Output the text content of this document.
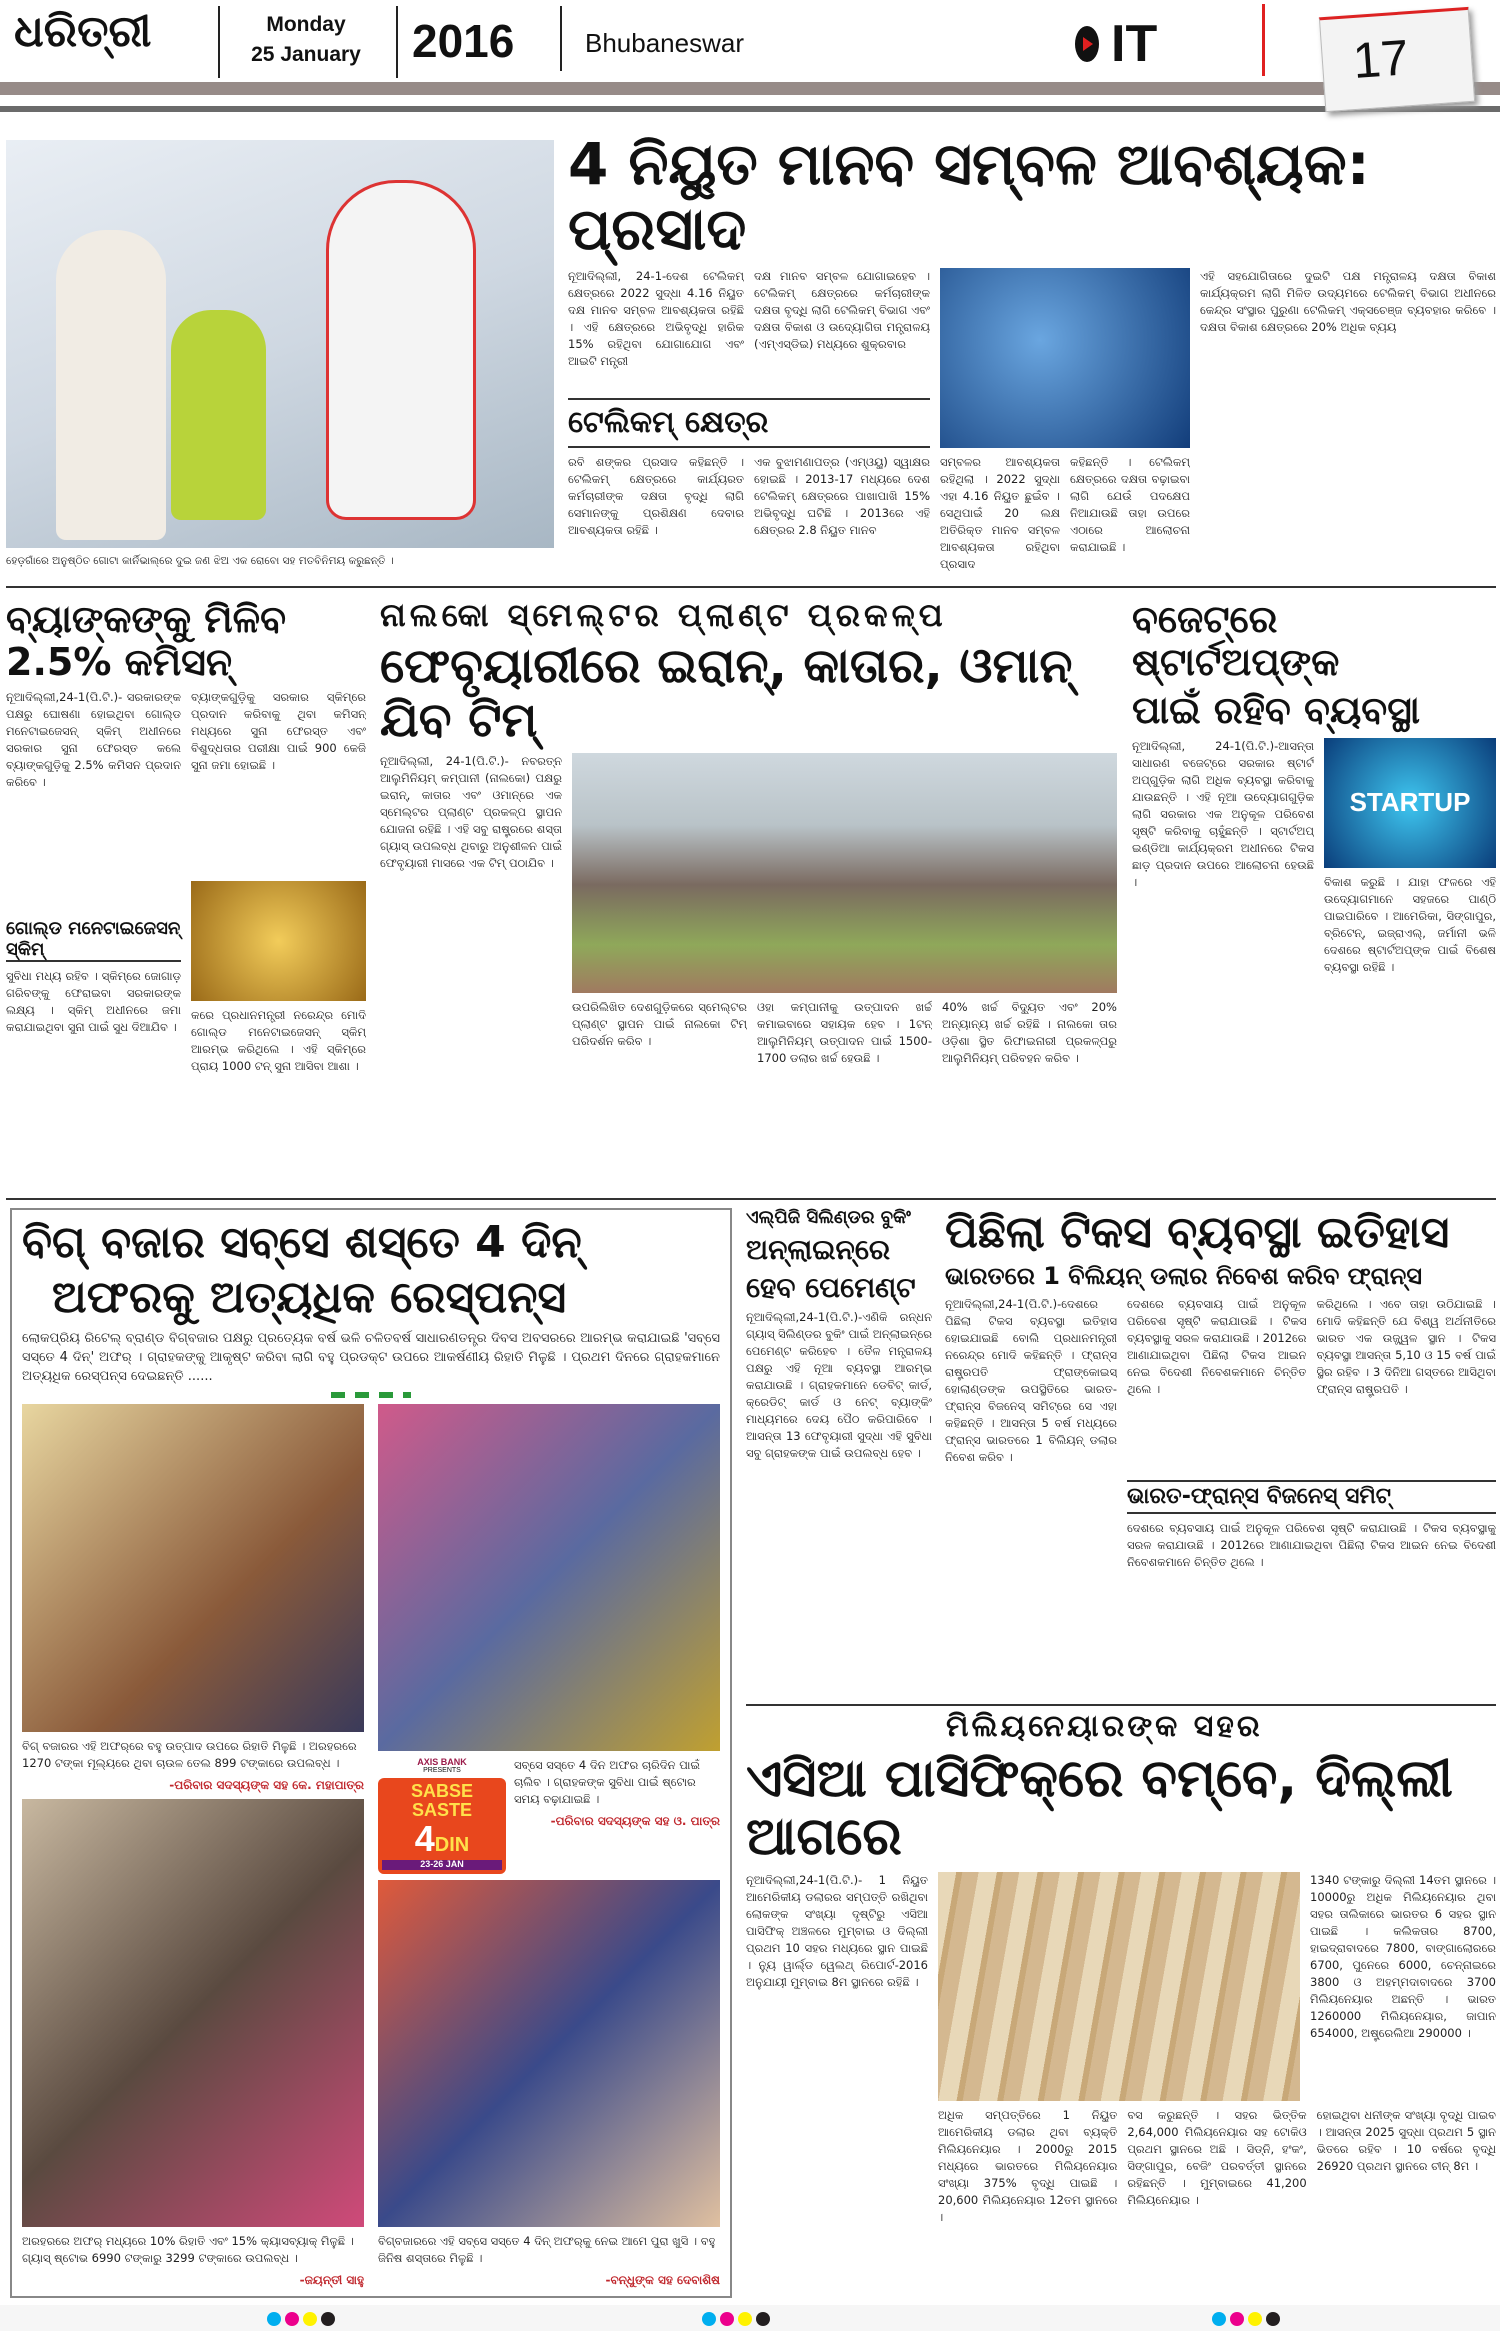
ଧରିତ୍ରୀ	Monday
25 January	2016	Bhubaneswar	IT	17
ହେଡ଼ଗାଁରେ ଅନୁଷ୍ଠିତ ଗୋଟା କାର୍ନିଭାଲ୍‌ରେ ଦୁଇ ଜଣ ଝିଅ ଏକ ରୋବୋ ସହ ମତବିନିମୟ କରୁଛନ୍ତି ।
4 ନିୟୁତ ମାନବ ସମ୍ବଳ ଆବଶ୍ୟକ: ପ୍ରସାଦ
ନୂଆଦିଲ୍ଲୀ, 24-1-ଦେଶ ଟେଲିକମ୍ କ୍ଷେତ୍ରରେ 2022 ସୁଦ୍ଧା 4.16 ନିୟୁତ ଦକ୍ଷ ମାନବ ସମ୍ବଳ ଆବଶ୍ୟକତା ରହିଛି । ଏହି କ୍ଷେତ୍ରରେ ଅଭିବୃଦ୍ଧି ହାରିକ 15% ରହିଥିବା ଯୋଗାଯୋଗ ଏବଂ ଆଇଟି ମନ୍ତ୍ରୀ
ଦକ୍ଷ ମାନବ ସମ୍ବଳ ଯୋଗାଇହେବ । ଟେଲିକମ୍ କ୍ଷେତ୍ରରେ କର୍ମଚାରୀଙ୍କ ଦକ୍ଷତା ବୃଦ୍ଧି ଲାଗି ଟେଲିକମ୍ ବିଭାଗ ଏବଂ ଦକ୍ଷତା ବିକାଶ ଓ ଉଦ୍ୟୋଗିତା ମନ୍ତ୍ରାଳୟ (ଏମ୍‌ଏସ୍‌ଡିଇ) ମଧ୍ୟରେ ଶୁକ୍ରବାର
ଟେଲିକମ୍ କ୍ଷେତ୍ର
ରବି ଶଙ୍କର ପ୍ରସାଦ କହିଛନ୍ତି । ଟେଲିକମ୍ କ୍ଷେତ୍ରରେ କାର୍ଯ୍ୟରତ କର୍ମଚାରୀଙ୍କ ଦକ୍ଷତା ବୃଦ୍ଧି ଲାଗି ସେମାନଙ୍କୁ ପ୍ରଶିକ୍ଷଣ ଦେବାର ଆବଶ୍ୟକତା ରହିଛି ।
ଏକ ବୁଝାମଣାପତ୍ର (ଏମ୍‌ଓୟୁ) ସ୍ୱାକ୍ଷର ହୋଇଛି । 2013-17 ମଧ୍ୟରେ ଦେଶ ଟେଲିକମ୍ କ୍ଷେତ୍ରରେ ପାଖାପାଖି 15% ଅଭିବୃଦ୍ଧି ଘଟିଛି । 2013ରେ ଏହି କ୍ଷେତ୍ରର 2.8 ନିୟୁତ ମାନବ
ସମ୍ବଳର ଆବଶ୍ୟକତା ରହିଥିଲା । 2022 ସୁଦ୍ଧା ଏହା 4.16 ନିୟୁତ ଛୁଇଁବ । ସେଥିପାଇଁ 20 ଲକ୍ଷ ଅତିରିକ୍ତ ମାନବ ସମ୍ବଳ ଆବଶ୍ୟକତା ରହିଥିବା ପ୍ରସାଦ
କହିଛନ୍ତି । ଟେଲିକମ୍ କ୍ଷେତ୍ରରେ ଦକ୍ଷତା ବଢ଼ାଇବା ଲାଗି ଯେଉଁ ପଦକ୍ଷେପ ନିଆଯାଉଛି ତାହା ଉପରେ ଏଠାରେ ଆଲୋଚନା କରାଯାଇଛି ।
ଏହି ସହଯୋଗିତାରେ ଦୁଇଟି ପକ୍ଷ ମନ୍ତ୍ରାଳୟ ଦକ୍ଷତା ବିକାଶ କାର୍ଯ୍ୟକ୍ରମ ଲାଗି ମିଳିତ ଉଦ୍ୟମରେ ଟେଲିକମ୍ ବିଭାଗ ଅଧୀନରେ କେନ୍ଦ୍ର ସଂସ୍ଥାର ପୁରୁଣା ଟେଲିକମ୍ ଏକ୍ସଚେଞ୍ଜ ବ୍ୟବହାର କରିବେ । ଦକ୍ଷତା ବିକାଶ କ୍ଷେତ୍ରରେ 20% ଅଧିକ ବ୍ୟୟ
ବ୍ୟାଙ୍କଙ୍କୁ ମିଳିବ 2.5% କମିସନ୍
ନୂଆଦିଲ୍ଲୀ,24-1(ପି.ଟି.)- ସରକାରଙ୍କ ପକ୍ଷରୁ ଘୋଷଣା ହୋଇଥିବା ଗୋଲ୍ଡ ମନେଟାଇଜେସନ୍ ସ୍କିମ୍ ଅଧୀନରେ ସରକାର ସୁନା ଫେରସ୍ତ କଲେ ବ୍ୟାଙ୍କଗୁଡ଼ିକୁ 2.5% କମିସନ ପ୍ରଦାନ କରିବେ ।
ଗୋଲ୍ଡ ମନେଟାଇଜେସନ୍ ସ୍କିମ୍
ସୁବିଧା ମଧ୍ୟ ରହିବ । ସ୍କିମ୍‌ରେ ଜୋଗାଡ଼ ଗରିବଙ୍କୁ ଫେରାଇବା ସରକାରଙ୍କ ଲକ୍ଷ୍ୟ । ସ୍କିମ୍ ଅଧୀନରେ ଜମା କରାଯାଇଥିବା ସୁନା ପାଇଁ ସୁଧ ଦିଆଯିବ ।
ବ୍ୟାଙ୍କଗୁଡ଼ିକୁ ସରକାର ସ୍କିମ୍‌ରେ ପ୍ରଦାନ କରିବାକୁ ଥିବା କମିସନ୍ ମଧ୍ୟରେ ସୁନା ଫେରସ୍ତ ଏବଂ ବିଶୁଦ୍ଧତାର ପରୀକ୍ଷା ପାଇଁ 900 କେଜି ସୁନା ଜମା ହୋଇଛି ।
କରେ ପ୍ରଧାନମନ୍ତ୍ରୀ ନରେନ୍ଦ୍ର ମୋଦି ଗୋଲ୍ଡ ମନେଟାଇଜେସନ୍ ସ୍କିମ୍ ଆରମ୍ଭ କରିଥିଲେ । ଏହି ସ୍କିମ୍‌ରେ ପ୍ରାୟ 1000 ଟନ୍ ସୁନା ଆସିବା ଆଶା ।
ନାଲକୋ ସ୍ମେଲ୍ଟର ପ୍ଲାଣ୍ଟ ପ୍ରକଳ୍ପ
ଫେବୃୟାରୀରେ ଇରାନ୍, କାତାର, ଓମାନ୍ ଯିବ ଟିମ୍
ନୂଆଦିଲ୍ଲୀ, 24-1(ପି.ଟି.)- ନବରତ୍ନ ଆଲୁମିନିୟମ୍ କମ୍ପାନୀ (ନାଲକୋ) ପକ୍ଷରୁ ଇରାନ୍, କାତାର ଏବଂ ଓମାନ୍‌ରେ ଏକ ସ୍ମେଲ୍ଟର ପ୍ଲାଣ୍ଟ ପ୍ରକଳ୍ପ ସ୍ଥାପନ ଯୋଜନା ରହିଛି । ଏହି ସବୁ ରାଷ୍ଟ୍ରରେ ଶସ୍ତା ଗ୍ୟାସ୍ ଉପଲବ୍ଧ ଥିବାରୁ ଅନୁଶୀଳନ ପାଇଁ ଫେବୃୟାରୀ ମାସରେ ଏକ ଟିମ୍ ପଠାଯିବ ।
ଉପରିଲିଖିତ ଦେଶଗୁଡ଼ିକରେ ସ୍ମେଲ୍ଟର ପ୍ଲାଣ୍ଟ ସ୍ଥାପନ ପାଇଁ ନାଲକୋ ଟିମ୍ ପରିଦର୍ଶନ କରିବ ।
ଓହା କମ୍ପାନୀକୁ ଉତ୍ପାଦନ ଖର୍ଚ୍ଚ କମାଇବାରେ ସହାୟକ ହେବ । 1ଟନ୍ ଆଲୁମିନିୟମ୍ ଉତ୍ପାଦନ ପାଇଁ 1500-1700 ଡଲାର ଖର୍ଚ୍ଚ ହେଉଛି ।
40% ଖର୍ଚ୍ଚ ବିଦ୍ୟୁତ ଏବଂ 20% ଅନ୍ୟାନ୍ୟ ଖର୍ଚ୍ଚ ରହିଛି । ନାଲକୋ ତାର ଓଡ଼ିଶା ସ୍ଥିତ ରିଫାଇନାରୀ ପ୍ରକଳ୍ପରୁ ଆଲୁମିନିୟମ୍ ପରିବହନ କରିବ ।
ବଜେଟ୍‌ରେ ଷ୍ଟାର୍ଟଅପ୍‌ଙ୍କ
ପାଇଁ ରହିବ ବ୍ୟବସ୍ଥା
ନୂଆଦିଲ୍ଲୀ, 24-1(ପି.ଟି.)-ଆସନ୍ତା ସାଧାରଣ ବଜେଟ୍‌ରେ ସରକାର ଷ୍ଟାର୍ଟ ଅପ୍‌ଗୁଡ଼ିକ ଲାଗି ଅଧିକ ବ୍ୟବସ୍ଥା କରିବାକୁ ଯାଉଛନ୍ତି । ଏହି ନୂଆ ଉଦ୍ୟୋଗଗୁଡ଼ିକ ଲାଗି ସରକାର ଏକ ଅନୁକୂଳ ପରିବେଶ ସୃଷ୍ଟି କରିବାକୁ ଚାହୁଁଛନ୍ତି । ସ୍ଟାର୍ଟଅପ୍ ଇଣ୍ଡିଆ କାର୍ଯ୍ୟକ୍ରମ ଅଧୀନରେ ଟିକସ ଛାଡ଼ ପ୍ରଦାନ ଉପରେ ଆଲୋଚନା ହେଉଛି ।
STARTUP
ବିକାଶ କରୁଛି । ଯାହା ଫଳରେ ଏହି ଉଦ୍ୟୋଗମାନେ ସହଜରେ ପାଣ୍ଠି ପାଇପାରିବେ । ଆମେରିକା, ସିଙ୍ଗାପୁର, ବ୍ରିଟେନ୍, ଇଜ୍ରାଏଲ୍, ଜର୍ମାନୀ ଭଳି ଦେଶରେ ଷ୍ଟାର୍ଟଅପ୍‌ଙ୍କ ପାଇଁ ବିଶେଷ ବ୍ୟବସ୍ଥା ରହିଛି ।
ବିଗ୍ ବଜାର ସବ୍‌ସେ ଶସ୍ତେ 4 ଦିନ୍
ଅଫରକୁ ଅତ୍ୟଧିକ ରେସ୍‌ପନ୍ସ
ଲୋକପ୍ରିୟ ରିଟେଲ୍ ବ୍ରାଣ୍ଡ ବିଗ୍‌ବଜାର ପକ୍ଷରୁ ପ୍ରତ୍ୟେକ ବର୍ଷ ଭଳି ଚଳିତବର୍ଷ ସାଧାରଣତନ୍ତ୍ର ଦିବସ ଅବସରରେ ଆରମ୍ଭ କରାଯାଇଛି 'ସବ୍‌ସେ ସସ୍ତେ 4 ଦିନ୍' ଅଫର୍ । ଗ୍ରାହକଙ୍କୁ ଆକୃଷ୍ଟ କରିବା ଲାଗି ବହୁ ପ୍ରଡକ୍ଟ ଉପରେ ଆକର୍ଷଣୀୟ ରିହାତି ମିଳୁଛି । ପ୍ରଥମ ଦିନରେ ଗ୍ରାହକମାନେ ଅତ୍ୟଧିକ ରେସ୍‌ପନ୍ସ ଦେଇଛନ୍ତି ......
ବିଗ୍ ବଜାରର ଏହି ଅଫର୍‌ରେ ବହୁ ଉତ୍ପାଦ ଉପରେ ରିହାତି ମିଳୁଛି । ଅରହରରେ 1270 ଟଙ୍କା ମୂଲ୍ୟରେ ଥିବା ଚାଉଳ ତେଲ 899 ଟଙ୍କାରେ ଉପଲବ୍ଧ ।
-ପରିବାର ସଦସ୍ୟଙ୍କ ସହ କେ. ମହାପାତ୍ର
ଅରହରରେ ଅଫର୍ ମଧ୍ୟରେ 10% ରିହାତି ଏବଂ 15% କ୍ୟାସବ୍ୟାକ୍ ମିଳୁଛି । ଗ୍ୟାସ୍ ଷ୍ଟୋଭ 6990 ଟଙ୍କାରୁ 3299 ଟଙ୍କାରେ ଉପଲବ୍ଧ ।
-ଜୟନ୍ତୀ ସାହୁ
AXIS BANK
PRESENTS
SABSE
SASTE
4DIN
23-26 JAN
ସବ୍‌ସେ ସସ୍ତେ 4 ଦିନ ଅଫର ଚାରିଦିନ ପାଇଁ ଚାଲିବ । ଗ୍ରାହକଙ୍କ ସୁବିଧା ପାଇଁ ଷ୍ଟୋର ସମୟ ବଢ଼ାଯାଇଛି ।
-ପରିବାର ସଦସ୍ୟଙ୍କ ସହ ଓ. ପାତ୍ର
ବିଗ୍‌ବଜାରରେ ଏହି ସବ୍‌ସେ ସସ୍ତେ 4 ଦିନ୍ ଅଫର୍‌କୁ ନେଇ ଆମେ ପୁରା ଖୁସି । ବହୁ ଜିନିଷ ଶସ୍ତାରେ ମିଳୁଛି ।
-ବନ୍ଧୁଙ୍କ ସହ ଦେବାଶିଷ
ଏଲ୍‌ପିଜି ସିଲିଣ୍ଡର ବୁକିଂ
ଅନ୍‌ଲାଇନ୍‌ରେ
ହେବ ପେମେଣ୍ଟ
ନୂଆଦିଲ୍ଲୀ,24-1(ପି.ଟି.)-ଏଣିକି ରନ୍ଧନ ଗ୍ୟାସ୍ ସିଲିଣ୍ଡର ବୁକିଂ ପାଇଁ ଅନ୍‌ଲାଇନ୍‌ରେ ପେମେଣ୍ଟ କରିହେବ । ତୈଳ ମନ୍ତ୍ରାଳୟ ପକ୍ଷରୁ ଏହି ନୂଆ ବ୍ୟବସ୍ଥା ଆରମ୍ଭ କରାଯାଉଛି । ଗ୍ରାହକମାନେ ଡେବିଟ୍ କାର୍ଡ, କ୍ରେଡିଟ୍ କାର୍ଡ ଓ ନେଟ୍ ବ୍ୟାଙ୍କିଂ ମାଧ୍ୟମରେ ଦେୟ ପୈଠ କରିପାରିବେ । ଆସନ୍ତା 13 ଫେବୃୟାରୀ ସୁଦ୍ଧା ଏହି ସୁବିଧା ସବୁ ଗ୍ରାହକଙ୍କ ପାଇଁ ଉପଲବ୍ଧ ହେବ ।
ପିଛିଲା ଟିକସ ବ୍ୟବସ୍ଥା ଇତିହାସ
ଭାରତରେ 1 ବିଲିୟନ୍ ଡଲାର ନିବେଶ କରିବ ଫ୍ରାନ୍ସ
ନୂଆଦିଲ୍ଲୀ,24-1(ପି.ଟି.)-ଦେଶରେ ପିଛିଲା ଟିକସ ବ୍ୟବସ୍ଥା ଇତିହାସ ହୋଇଯାଇଛି ବୋଲି ପ୍ରଧାନମନ୍ତ୍ରୀ ନରେନ୍ଦ୍ର ମୋଦି କହିଛନ୍ତି । ଫ୍ରାନ୍ସ ରାଷ୍ଟ୍ରପତି ଫ୍ରାଙ୍କୋଇସ୍ ହୋଲାଣ୍ଡଙ୍କ ଉପସ୍ଥିତିରେ ଭାରତ-ଫ୍ରାନ୍ସ ବିଜନେସ୍ ସମିଟ୍‌ରେ ସେ ଏହା କହିଛନ୍ତି । ଆସନ୍ତା 5 ବର୍ଷ ମଧ୍ୟରେ ଫ୍ରାନ୍ସ ଭାରତରେ 1 ବିଲିୟନ୍ ଡଲାର ନିବେଶ କରିବ ।
ଦେଶରେ ବ୍ୟବସାୟ ପାଇଁ ଅନୁକୂଳ ପରିବେଶ ସୃଷ୍ଟି କରାଯାଉଛି । ଟିକସ ବ୍ୟବସ୍ଥାକୁ ସରଳ କରାଯାଉଛି । 2012ରେ ଆଣାଯାଇଥିବା ପିଛିଲା ଟିକସ ଆଇନ ନେଇ ବିଦେଶୀ ନିବେଶକମାନେ ଚିନ୍ତିତ ଥିଲେ ।
କରିଥିଲେ । ଏବେ ତାହା ଉଠିଯାଇଛି । ମୋଦି କହିଛନ୍ତି ଯେ ବିଶ୍ୱ ଅର୍ଥନୀତିରେ ଭାରତ ଏକ ଉଜ୍ଜ୍ୱଳ ସ୍ଥାନ । ଟିକସ ବ୍ୟବସ୍ଥା ଆସନ୍ତା 5,10 ଓ 15 ବର୍ଷ ପାଇଁ ସ୍ଥିର ରହିବ । 3 ଦିନିଆ ଗସ୍ତରେ ଆସିଥିବା ଫ୍ରାନ୍ସ ରାଷ୍ଟ୍ରପତି ।
ଭାରତ-ଫ୍ରାନ୍ସ ବିଜନେସ୍ ସମିଟ୍
ଦେଶରେ ବ୍ୟବସାୟ ପାଇଁ ଅନୁକୂଳ ପରିବେଶ ସୃଷ୍ଟି କରାଯାଉଛି । ଟିକସ ବ୍ୟବସ୍ଥାକୁ ସରଳ କରାଯାଉଛି । 2012ରେ ଆଣାଯାଇଥିବା ପିଛିଲା ଟିକସ ଆଇନ ନେଇ ବିଦେଶୀ ନିବେଶକମାନେ ଚିନ୍ତିତ ଥିଲେ ।
ମିଲିୟନେୟାରଙ୍କ ସହର
ଏସିଆ ପାସିଫିକ୍‌ରେ ବମ୍ବେ, ଦିଲ୍ଲୀ ଆଗରେ
ନୂଆଦିଲ୍ଲୀ,24-1(ପି.ଟି.)- 1 ନିୟୁତ ଆମେରିକୀୟ ଡଲାରର ସମ୍ପତ୍ତି ରଖିଥିବା ଲୋକଙ୍କ ସଂଖ୍ୟା ଦୃଷ୍ଟିରୁ ଏସିଆ ପାସିଫିକ୍ ଅଞ୍ଚଳରେ ମୁମ୍ବାଇ ଓ ଦିଲ୍ଲୀ ପ୍ରଥମ 10 ସହର ମଧ୍ୟରେ ସ୍ଥାନ ପାଇଛି । ନ୍ୟୁ ୱାର୍ଲ୍ଡ ୱେଲଥ୍ ରିପୋର୍ଟ-2016 ଅନୁଯାୟୀ ମୁମ୍ବାଇ 8ମ ସ୍ଥାନରେ ରହିଛି ।
1340 ଟଙ୍କାରୁ ଦିଲ୍ଲୀ 14ତମ ସ୍ଥାନରେ । 10000ରୁ ଅଧିକ ମିଲିୟନେୟାର ଥିବା ସହର ତାଲିକାରେ ଭାରତର 6 ସହର ସ୍ଥାନ ପାଇଛି । କଲିକତାର 8700, ହାଇଦ୍ରାବାଦରେ 7800, ବାଙ୍ଗାଲୋରରେ 6700, ପୁନେରେ 6000, ଚେନ୍ନାଇରେ 3800 ଓ ଅହମ୍ମଦାବାଦରେ 3700 ମିଲିୟନେୟାର ଅଛନ୍ତି । ଭାରତ 1260000 ମିଲିୟନେୟାର, ଜାପାନ 654000, ଅଷ୍ଟ୍ରେଲିଆ 290000 ।
ଅଧିକ ସମ୍ପତ୍ତିରେ 1 ନିୟୁତ ଆମେରିକୀୟ ଡଲାର ଥିବା ବ୍ୟକ୍ତି ମିଲିୟନେୟାର । 2000ରୁ 2015 ମଧ୍ୟରେ ଭାରତରେ ମିଲିୟନେୟାର ସଂଖ୍ୟା 375% ବୃଦ୍ଧି ପାଇଛି । 20,600 ମିଲିୟନେୟାର 12ତମ ସ୍ଥାନରେ ।
ବସ କରୁଛନ୍ତି । ସହର ଭିତ୍ତିକ 2,64,000 ମିଲିୟନେୟାର ସହ ଟୋକିଓ ପ୍ରଥମ ସ୍ଥାନରେ ଅଛି । ସିଡ୍‌ନି, ହଂକଂ, ସିଙ୍ଗାପୁର, ବେଜିଂ ପରବର୍ତ୍ତୀ ସ୍ଥାନରେ ରହିଛନ୍ତି । ମୁମ୍ବାଇରେ 41,200 ମିଲିୟନେୟାର ।
ହୋଇଥିବା ଧନୀଙ୍କ ସଂଖ୍ୟା ବୃଦ୍ଧି ପାଇବ । ଆସନ୍ତା 2025 ସୁଦ୍ଧା ପ୍ରଥମ 5 ସ୍ଥାନ ଭିତରେ ରହିବ । 10 ବର୍ଷରେ ବୃଦ୍ଧି 26920 ପ୍ରଥମ ସ୍ଥାନରେ ଚୀନ୍ 8ମ ।
